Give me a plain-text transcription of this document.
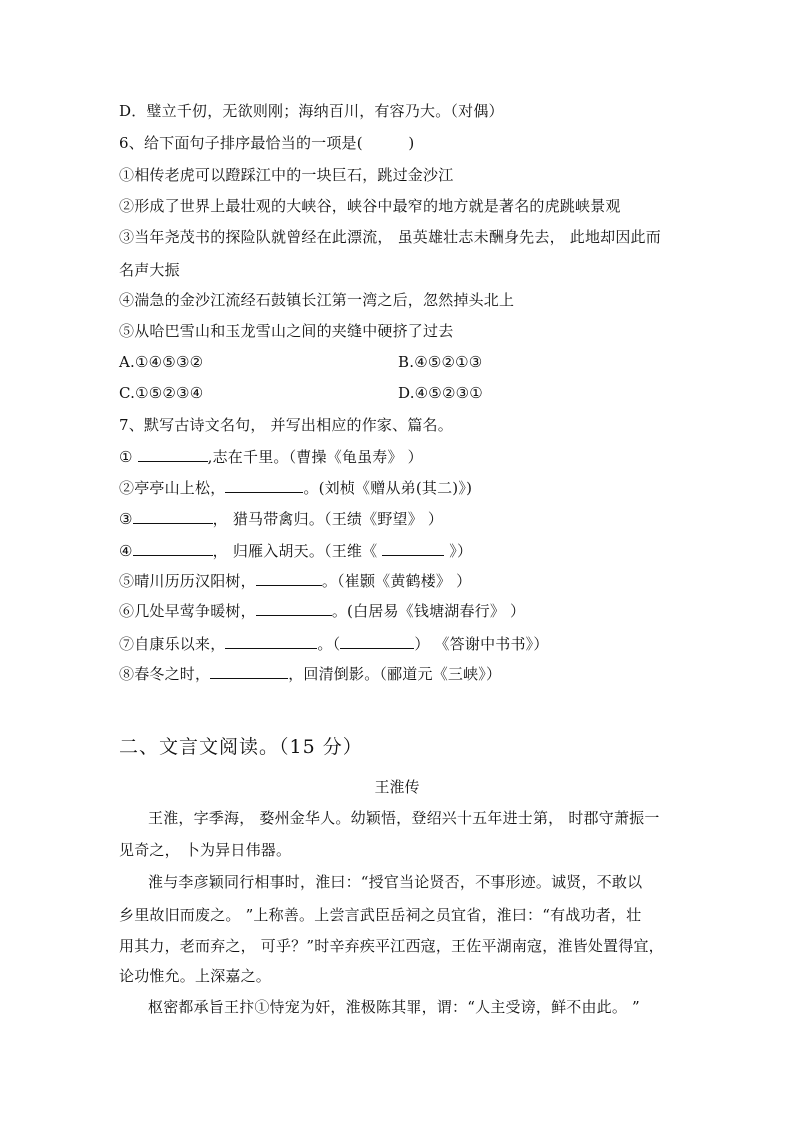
D．璧立千仞，无欲则刚；海纳百川，有容乃大。（对偶）
6、给下面句子排序最恰当的一项是(　　　)
①相传老虎可以蹬踩江中的一块巨石，跳过金沙江
②形成了世界上最壮观的大峡谷，峡谷中最窄的地方就是著名的虎跳峡景观
③当年尧茂书的探险队就曾经在此漂流， 虽英雄壮志未酬身先去， 此地却因此而
名声大振
④湍急的金沙江流经石鼓镇长江第一湾之后，忽然掉头北上
⑤从哈巴雪山和玉龙雪山之间的夹缝中硬挤了过去
A.①④⑤③②	B.④⑤②①③
C.①⑤②③④	D.④⑤②③①
7、默写古诗文名句， 并写出相应的作家、篇名。
①	,志在千里。（曹操《龟虽寿》 ）
②亭亭山上松，	。(刘桢《赠从弟(其二)》)
③	， 猎马带禽归。（王绩《野望》 ）
④	， 归雁入胡天。（王维《	》）
⑤晴川历历汉阳树，	。（崔颢《黄鹤楼》 ）
⑥几处早莺争暖树，	。(白居易《钱塘湖春行》 ）
⑦自康乐以来，	。（	） 《答谢中书书》）
⑧春冬之时，	，回清倒影。（郦道元《三峡》）
二、文言文阅读。（15 分）
王淮传
王淮，字季海， 婺州金华人。幼颖悟，登绍兴十五年进士第， 时郡守萧振一
见奇之， 卜为异日伟器。
淮与李彦颖同行相事时，淮曰：“授官当论贤否，不事形迹。诚贤，不敢以
乡里故旧而废之。 ”上称善。上尝言武臣岳祠之员宜省，淮曰：“有战功者，壮
用其力，老而弃之， 可乎？”时辛弃疾平江西寇，王佐平湖南寇，淮皆处置得宜，
论功惟允。上深嘉之。
枢密都承旨王抃①恃宠为奸，淮极陈其罪，谓：“人主受谤，鲜不由此。 ”
